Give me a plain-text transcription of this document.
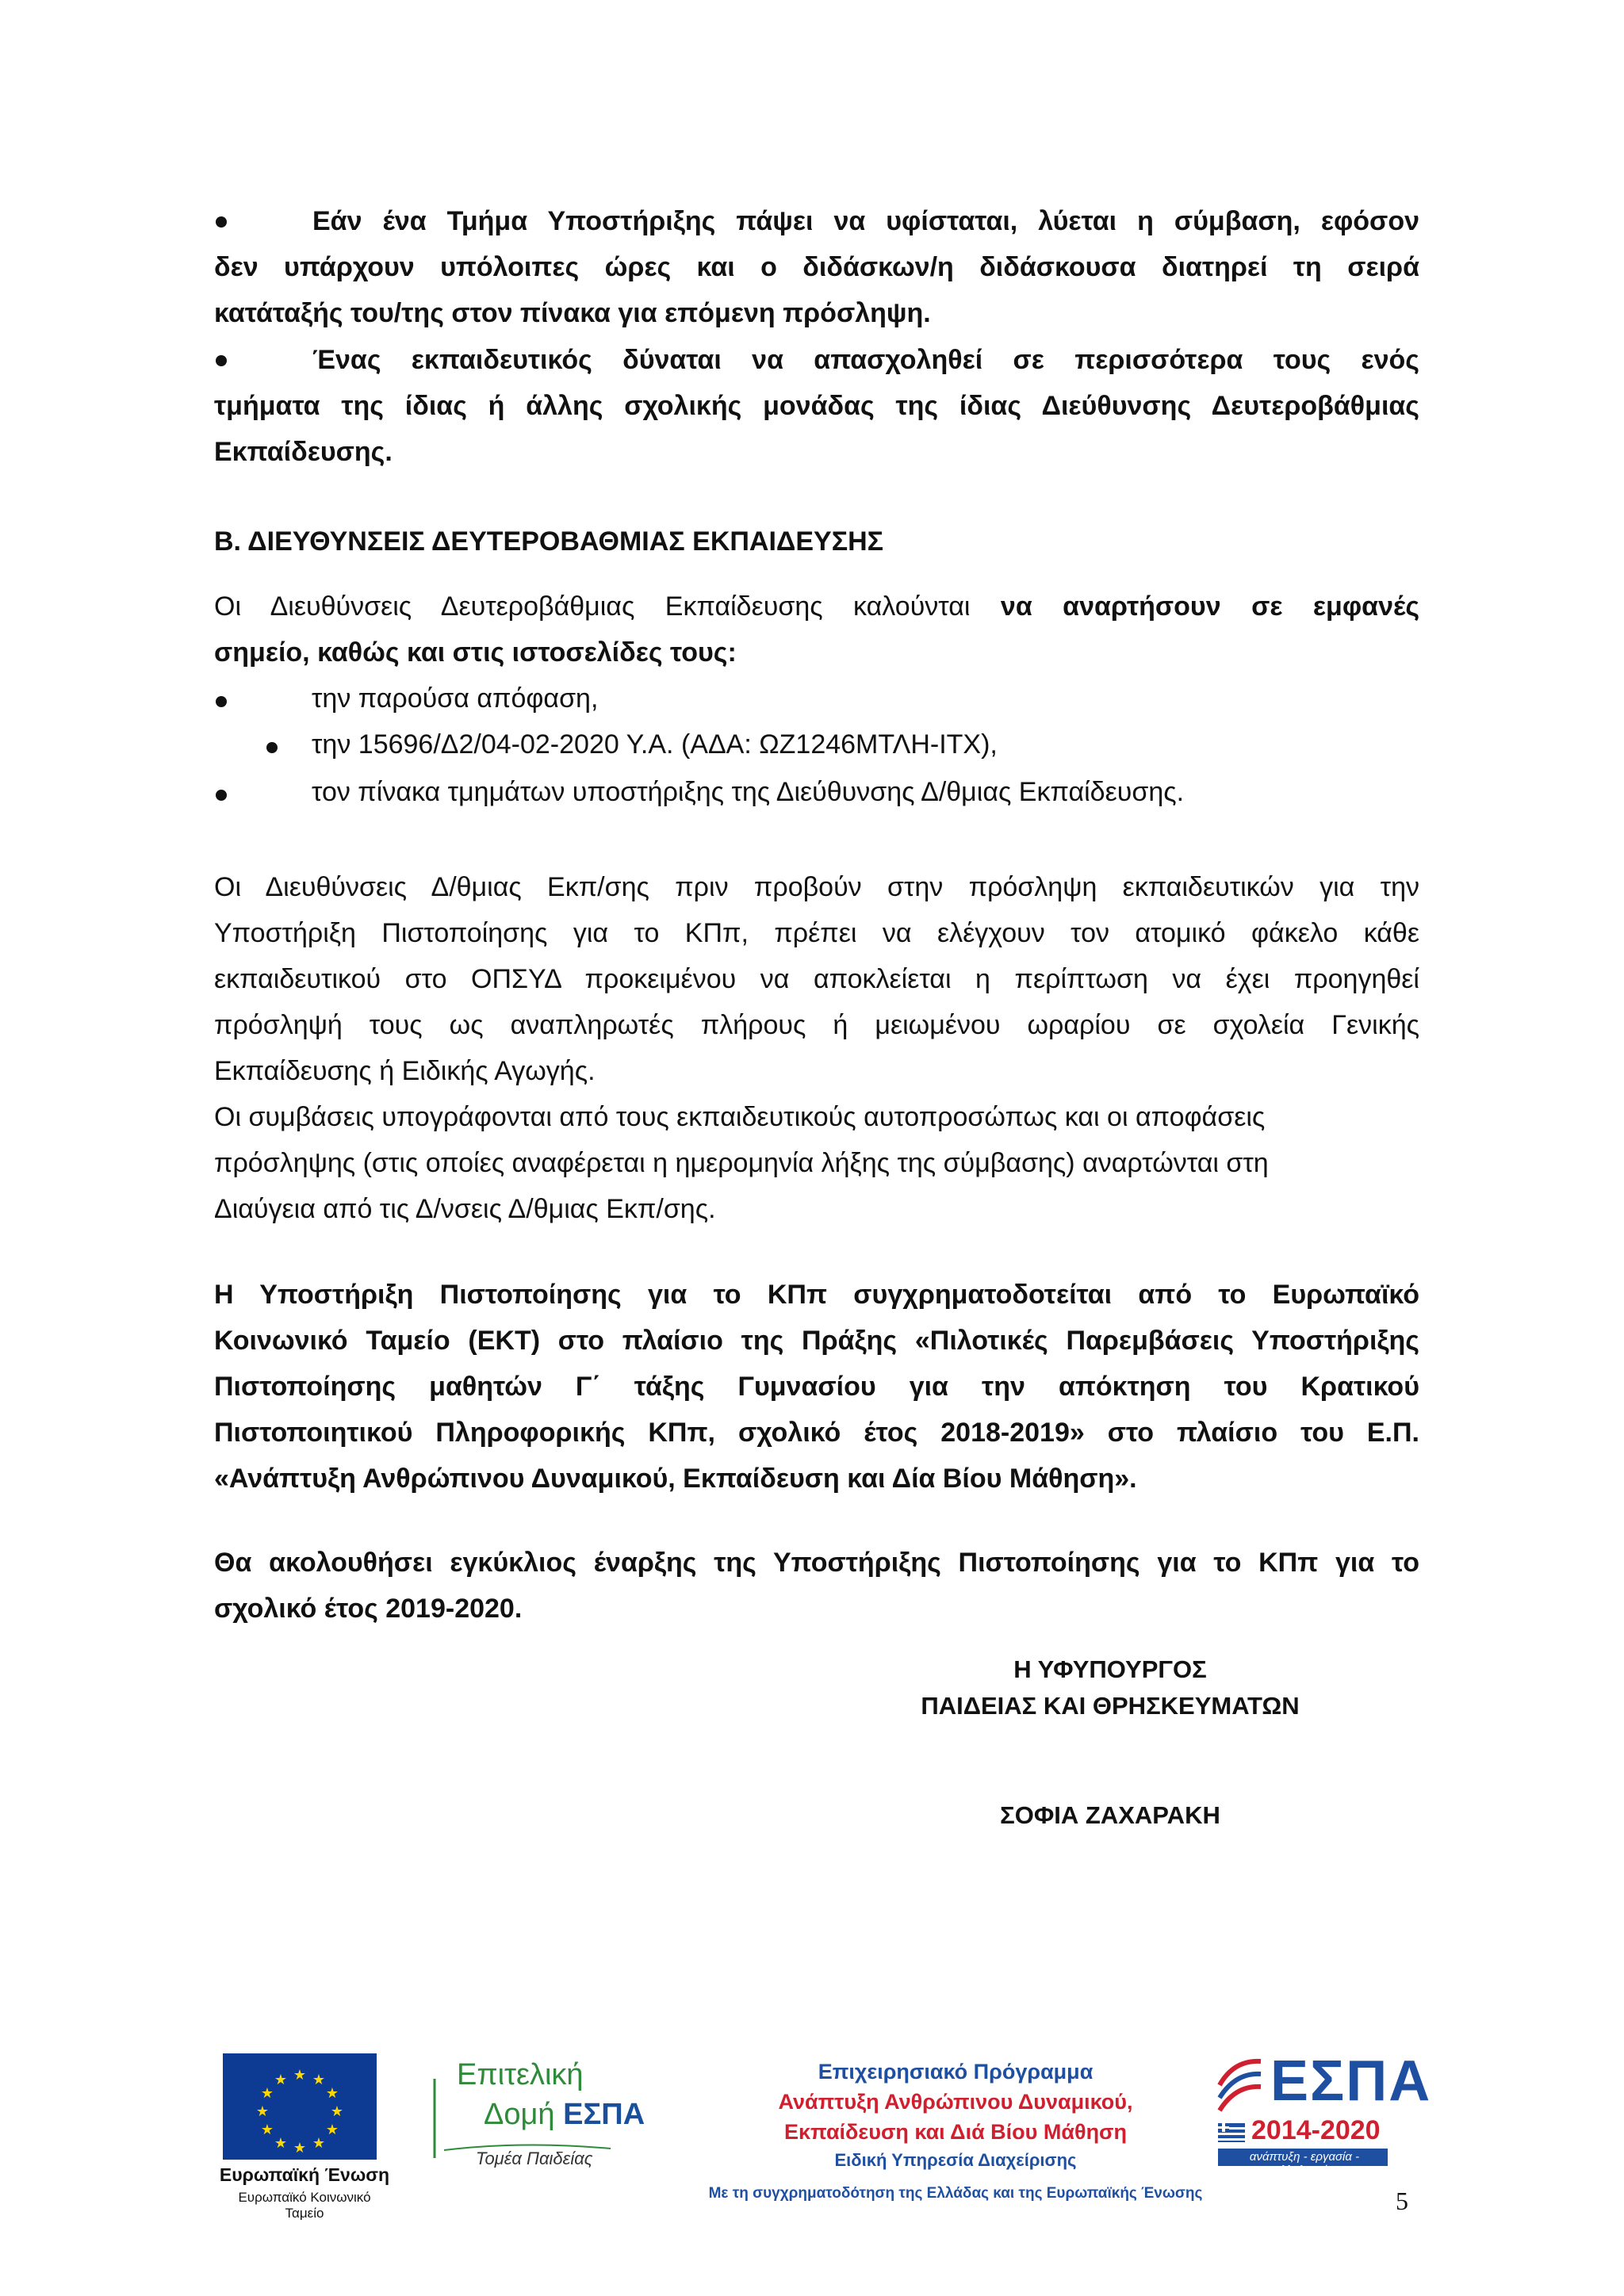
Εάν ένα Τμήμα Υποστήριξης πάψει να υφίσταται, λύεται η σύμβαση, εφόσον
δεν υπάρχουν υπόλοιπες ώρες και ο διδάσκων/η διδάσκουσα διατηρεί τη σειρά
κατάταξής του/της στον πίνακα για επόμενη πρόσληψη.
Ένας εκπαιδευτικός δύναται να απασχοληθεί σε περισσότερα τους ενός
τμήματα της ίδιας ή άλλης σχολικής μονάδας της ίδιας Διεύθυνσης Δευτεροβάθμιας
Εκπαίδευσης.
Β. ΔΙΕΥΘΥΝΣΕΙΣ ΔΕΥΤΕΡΟΒΑΘΜΙΑΣ ΕΚΠΑΙΔΕΥΣΗΣ
Οι Διευθύνσεις Δευτεροβάθμιας Εκπαίδευσης καλούνται να αναρτήσουν σε εμφανές
σημείο, καθώς και στις ιστοσελίδες τους:
την παρούσα απόφαση,
την 15696/Δ2/04-02-2020 Υ.Α. (ΑΔΑ: ΩΖ1246ΜΤΛΗ-ΙΤΧ),
τον πίνακα τμημάτων υποστήριξης της Διεύθυνσης Δ/θμιας Εκπαίδευσης.
Οι Διευθύνσεις Δ/θμιας Εκπ/σης πριν προβούν στην πρόσληψη εκπαιδευτικών για την
Υποστήριξη Πιστοποίησης για το ΚΠπ, πρέπει να ελέγχουν τον ατομικό φάκελο κάθε
εκπαιδευτικού στο ΟΠΣΥΔ προκειμένου να αποκλείεται η περίπτωση να έχει προηγηθεί
πρόσληψή τους ως αναπληρωτές πλήρους ή μειωμένου ωραρίου σε σχολεία Γενικής
Εκπαίδευσης ή Ειδικής Αγωγής.
Οι συμβάσεις υπογράφονται από τους εκπαιδευτικούς αυτοπροσώπως και οι αποφάσεις
πρόσληψης (στις οποίες αναφέρεται η ημερομηνία λήξης της σύμβασης) αναρτώνται στη
Διαύγεια από τις Δ/νσεις Δ/θμιας Εκπ/σης.
Η Υποστήριξη Πιστοποίησης για το ΚΠπ συγχρηματοδοτείται από το Ευρωπαϊκό
Κοινωνικό Ταμείο (ΕΚΤ) στο πλαίσιο της Πράξης «Πιλοτικές Παρεμβάσεις Υποστήριξης
Πιστοποίησης μαθητών Γ΄ τάξης Γυμνασίου για την απόκτηση του Κρατικού
Πιστοποιητικού Πληροφορικής ΚΠπ, σχολικό έτος 2018-2019» στο πλαίσιο του Ε.Π.
«Ανάπτυξη Ανθρώπινου Δυναμικού, Εκπαίδευση και Δία Βίου Μάθηση».
Θα ακολουθήσει εγκύκλιος έναρξης της Υποστήριξης Πιστοποίησης για το ΚΠπ για το
σχολικό έτος 2019-2020.
Η ΥΦΥΠΟΥΡΓΟΣ
ΠΑΙΔΕΙΑΣ ΚΑΙ ΘΡΗΣΚΕΥΜΑΤΩΝ
ΣΟΦΙΑ ΖΑΧΑΡΑΚΗ
★ ★
★
★
★
★
★
★
★
★
★
★
Ευρωπαϊκή Ένωση
Ευρωπαϊκό Κοινωνικό Ταμείο
Επιτελική
Δομή ΕΣΠΑ
Τομέα Παιδείας
Επιχειρησιακό Πρόγραμμα
Ανάπτυξη Ανθρώπινου Δυναμικού,
Εκπαίδευση και Διά Βίου Μάθηση
Ειδική Υπηρεσία Διαχείρισης
Με τη συγχρηματοδότηση της Ελλάδας και της Ευρωπαϊκής Ένωσης
ΕΣΠΑ
2014-2020
ανάπτυξη - εργασία - αλληλεγγύη
5
